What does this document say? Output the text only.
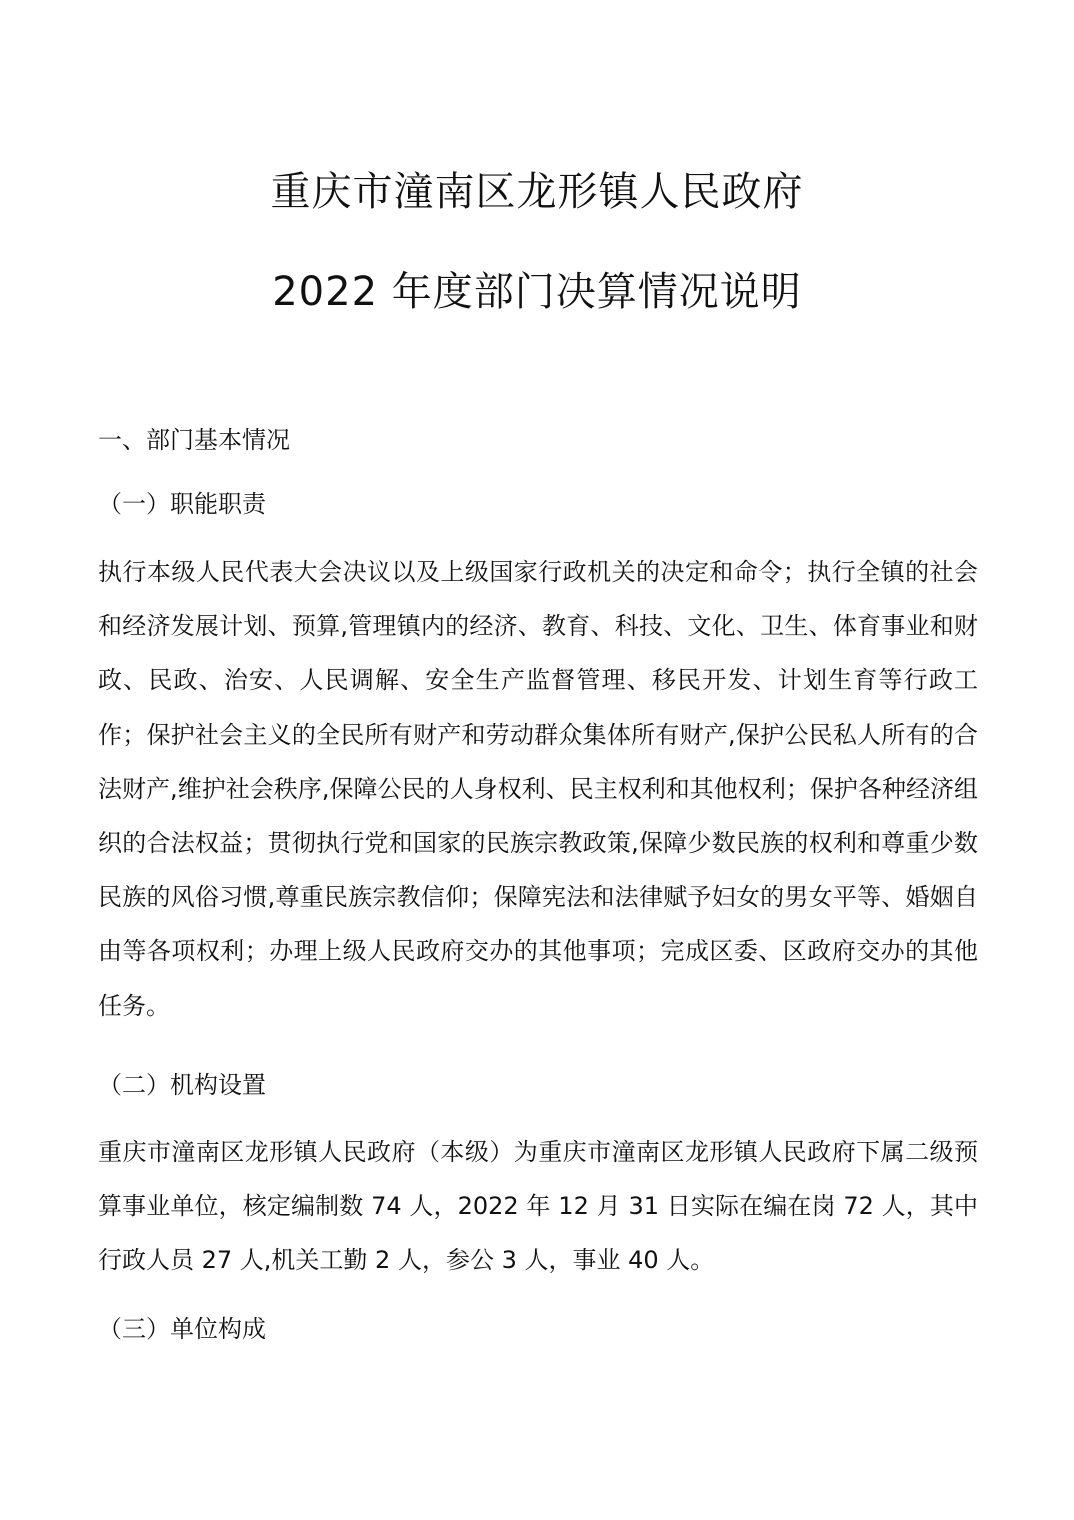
重庆市潼南区龙形镇人民政府
2022 年度部门决算情况说明
一、部门基本情况
（一）职能职责

执行本级人民代表大会决议以及上级国家行政机关的决定和命令；执行全镇的社会和经济发展计划、预算,管理镇内的经济、教育、科技、文化、卫生、体育事业和财政、民政、治安、人民调解、安全生产监督管理、移民开发、计划生育等行政工作；保护社会主义的全民所有财产和劳动群众集体所有财产,保护公民私人所有的合法财产,维护社会秩序,保障公民的人身权利、民主权利和其他权利；保护各种经济组织的合法权益；贯彻执行党和国家的民族宗教政策,保障少数民族的权利和尊重少数民族的风俗习惯,尊重民族宗教信仰；保障宪法和法律赋予妇女的男女平等、婚姻自由等各项权利；办理上级人民政府交办的其他事项；完成区委、区政府交办的其他任务。

（二）机构设置

重庆市潼南区龙形镇人民政府（本级）为重庆市潼南区龙形镇人民政府下属二级预算事业单位，核定编制数 74 人，2022 年 12 月 31 日实际在编在岗 72 人，其中行政人员 27 人,机关工勤 2 人，参公 3 人，事业 40 人。

（三）单位构成
